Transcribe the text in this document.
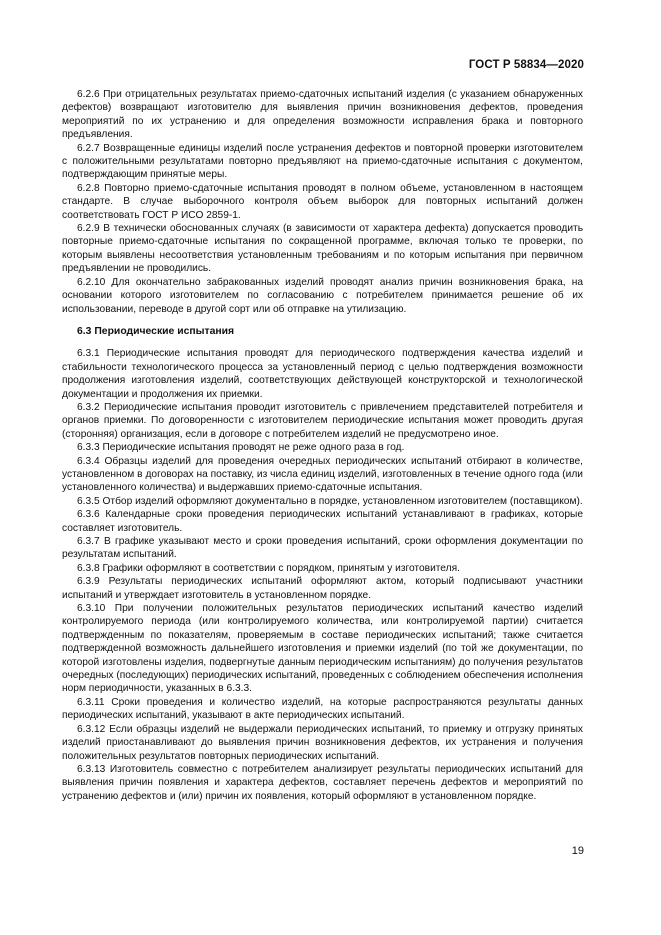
ГОСТ Р 58834—2020

6.2.6 При отрицательных результатах приемо-сдаточных испытаний изделия (с указанием обнаруженных дефектов) возвращают изготовителю для выявления причин возникновения дефектов, проведения мероприятий по их устранению и для определения возможности исправления брака и повторного предъявления.

6.2.7 Возвращенные единицы изделий после устранения дефектов и повторной проверки изготовителем с положительными результатами повторно предъявляют на приемо-сдаточные испытания с документом, подтверждающим принятые меры.

6.2.8 Повторно приемо-сдаточные испытания проводят в полном объеме, установленном в настоящем стандарте. В случае выборочного контроля объем выборок для повторных испытаний должен соответствовать ГОСТ Р ИСО 2859-1.

6.2.9 В технически обоснованных случаях (в зависимости от характера дефекта) допускается проводить повторные приемо-сдаточные испытания по сокращенной программе, включая только те проверки, по которым выявлены несоответствия установленным требованиям и по которым испытания при первичном предъявлении не проводились.

6.2.10 Для окончательно забракованных изделий проводят анализ причин возникновения брака, на основании которого изготовителем по согласованию с потребителем принимается решение об их использовании, переводе в другой сорт или об отправке на утилизацию.

6.3 Периодические испытания

6.3.1 Периодические испытания проводят для периодического подтверждения качества изделий и стабильности технологического процесса за установленный период с целью подтверждения возможности продолжения изготовления изделий, соответствующих действующей конструкторской и технологической документации и продолжения их приемки.

6.3.2 Периодические испытания проводит изготовитель с привлечением представителей потребителя и органов приемки. По договоренности с изготовителем периодические испытания может проводить другая (сторонняя) организация, если в договоре с потребителем изделий не предусмотрено иное.

6.3.3 Периодические испытания проводят не реже одного раза в год.

6.3.4 Образцы изделий для проведения очередных периодических испытаний отбирают в количестве, установленном в договорах на поставку, из числа единиц изделий, изготовленных в течение одного года (или установленного количества) и выдержавших приемо-сдаточные испытания.

6.3.5 Отбор изделий оформляют документально в порядке, установленном изготовителем (поставщиком).

6.3.6 Календарные сроки проведения периодических испытаний устанавливают в графиках, которые составляет изготовитель.

6.3.7 В графике указывают место и сроки проведения испытаний, сроки оформления документации по результатам испытаний.

6.3.8 Графики оформляют в соответствии с порядком, принятым у изготовителя.

6.3.9 Результаты периодических испытаний оформляют актом, который подписывают участники испытаний и утверждает изготовитель в установленном порядке.

6.3.10 При получении положительных результатов периодических испытаний качество изделий контролируемого периода (или контролируемого количества, или контролируемой партии) считается подтвержденным по показателям, проверяемым в составе периодических испытаний; также считается подтвержденной возможность дальнейшего изготовления и приемки изделий (по той же документации, по которой изготовлены изделия, подвергнутые данным периодическим испытаниям) до получения результатов очередных (последующих) периодических испытаний, проведенных с соблюдением обеспечения исполнения норм периодичности, указанных в 6.3.3.

6.3.11 Сроки проведения и количество изделий, на которые распространяются результаты данных периодических испытаний, указывают в акте периодических испытаний.

6.3.12 Если образцы изделий не выдержали периодических испытаний, то приемку и отгрузку принятых изделий приостанавливают до выявления причин возникновения дефектов, их устранения и получения положительных результатов повторных периодических испытаний.

6.3.13 Изготовитель совместно с потребителем анализирует результаты периодических испытаний для выявления причин появления и характера дефектов, составляет перечень дефектов и мероприятий по устранению дефектов и (или) причин их появления, который оформляют в установленном порядке.

19
